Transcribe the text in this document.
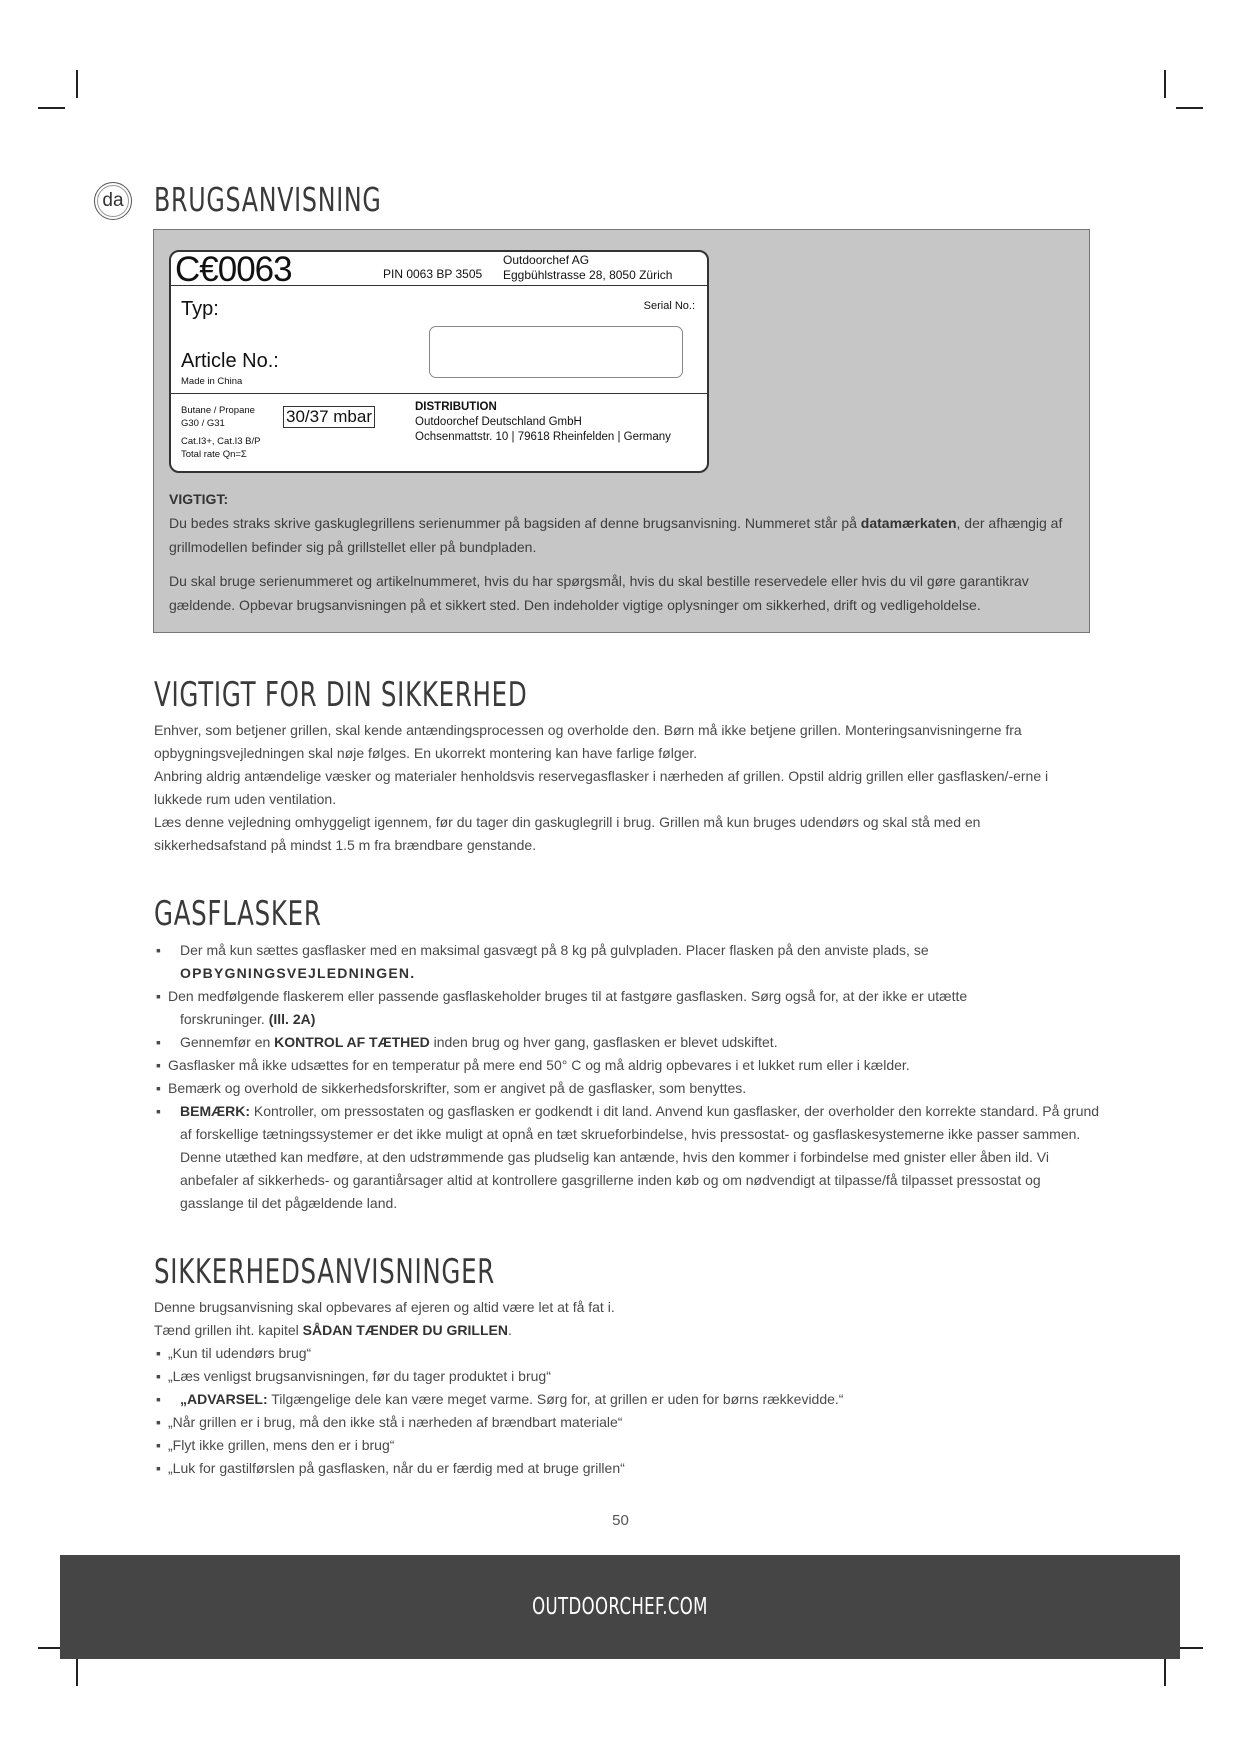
da BRUGSANVISNING
C€0063	PIN 0063 BP 3505
Outdoorchef AG
Eggbühlstrasse 28, 8050 Zürich
Typ:	Serial No.:
Article No.:
Made in China
Butane / Propane
G30 / G31	30/37 mbar
Cat.I3+, Cat.I3 B/P
Total rate Qn=Σ
DISTRIBUTION
Outdoorchef Deutschland GmbH
Ochsenmattstr. 10 | 79618 Rheinfelden | Germany
VIGTIGT:
Du bedes straks skrive gaskuglegrillens serienummer på bagsiden af denne brugsanvisning. Nummeret står på datamærkaten, der afhængig af grillmodellen befinder sig på grillstellet eller på bundpladen.
Du skal bruge serienummeret og artikelnummeret, hvis du har spørgsmål, hvis du skal bestille reservedele eller hvis du vil gøre garantikrav gældende. Opbevar brugsanvisningen på et sikkert sted. Den indeholder vigtige oplysninger om sikkerhed, drift og vedligeholdelse.
VIGTIGT FOR DIN SIKKERHED

Enhver, som betjener grillen, skal kende antændingsprocessen og overholde den. Børn må ikke betjene grillen. Monteringsanvisningerne fra opbygningsvejledningen skal nøje følges. En ukorrekt montering kan have farlige følger.

Anbring aldrig antændelige væsker og materialer henholdsvis reservegasflasker i nærheden af grillen. Opstil aldrig grillen eller gasflasken/-erne i lukkede rum uden ventilation.

Læs denne vejledning omhyggeligt igennem, før du tager din gaskuglegrill i brug. Grillen må kun bruges udendørs og skal stå med en sikkerhedsafstand på mindst 1.5 m fra brændbare genstande.

GASFLASKER
▪ Der må kun sættes gasflasker med en maksimal gasvægt på 8 kg på gulvpladen. Placer flasken på den anviste plads, se
OPBYGNINGSVEJLEDNINGEN.
▪ Den medfølgende flaskerem eller passende gasflaskeholder bruges til at fastgøre gasflasken. Sørg også for, at der ikke er utætte
forskruninger. (Ill. 2A)
▪ Gennemfør en KONTROL AF TÆTHED inden brug og hver gang, gasflasken er blevet udskiftet.
▪ Gasflasker må ikke udsættes for en temperatur på mere end 50° C og må aldrig opbevares i et lukket rum eller i kælder.
▪ Bemærk og overhold de sikkerhedsforskrifter, som er angivet på de gasflasker, som benyttes.
▪ BEMÆRK: Kontroller, om pressostaten og gasflasken er godkendt i dit land. Anvend kun gasflasker, der overholder den korrekte standard. På grund af forskellige tætningssystemer er det ikke muligt at opnå en tæt skrueforbindelse, hvis pressostat- og gasflaskesystemerne ikke passer sammen. Denne utæthed kan medføre, at den udstrømmende gas pludselig kan antænde, hvis den kommer i forbindelse med gnister eller åben ild. Vi anbefaler af sikkerheds- og garantiårsager altid at kontrollere gasgrillerne inden køb og om nødvendigt at tilpasse/få tilpasset pressostat og gasslange til det pågældende land.
SIKKERHEDSANVISNINGER

Denne brugsanvisning skal opbevares af ejeren og altid være let at få fat i.

Tænd grillen iht. kapitel SÅDAN TÆNDER DU GRILLEN.

▪ „Kun til udendørs brug“
▪ „Læs venligst brugsanvisningen, før du tager produktet i brug“
▪ „ADVARSEL: Tilgængelige dele kan være meget varme. Sørg for, at grillen er uden for børns rækkevidde.“
▪ „Når grillen er i brug, må den ikke stå i nærheden af brændbart materiale“
▪ „Flyt ikke grillen, mens den er i brug“
▪ „Luk for gastilførslen på gasflasken, når du er færdig med at bruge grillen“
50
OUTDOORCHEF.COM
